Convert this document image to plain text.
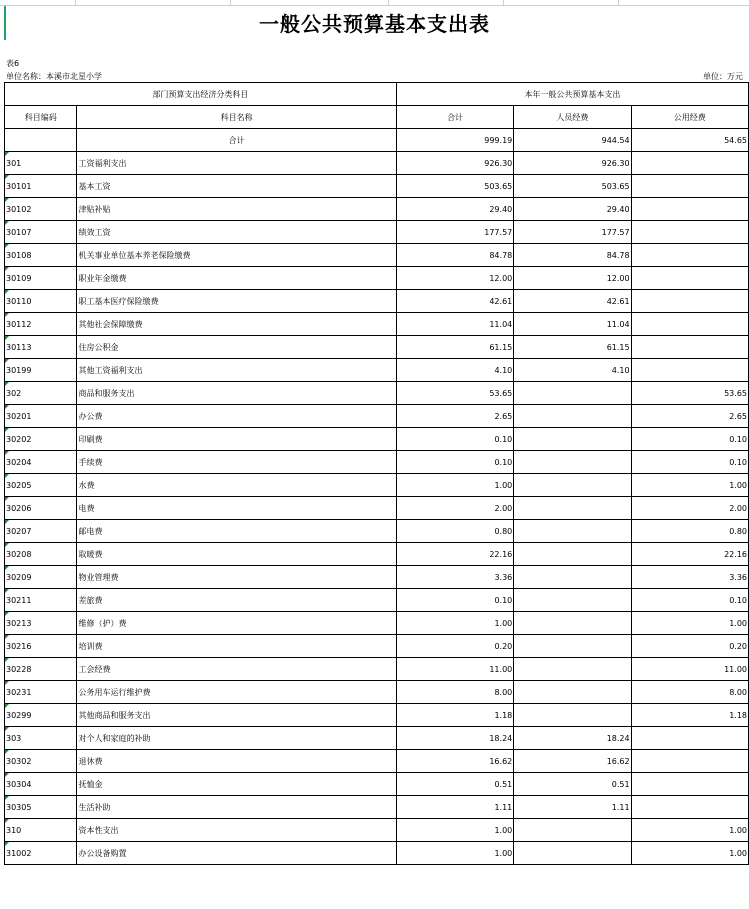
一般公共预算基本支出表
表6
单位名称：本溪市北星小学	单位：万元
部门预算支出经济分类科目		本年一般公共预算基本支出		
科目编码	科目名称	合计	人员经费	公用经费
	合计	999.19	944.54	54.65
301	工资福利支出	926.30	926.30	
30101	基本工资	503.65	503.65	
30102	津贴补贴	29.40	29.40	
30107	绩效工资	177.57	177.57	
30108	机关事业单位基本养老保险缴费	84.78	84.78	
30109	职业年金缴费	12.00	12.00	
30110	职工基本医疗保险缴费	42.61	42.61	
30112	其他社会保障缴费	11.04	11.04	
30113	住房公积金	61.15	61.15	
30199	其他工资福利支出	4.10	4.10	
302	商品和服务支出	53.65		53.65
30201	办公费	2.65		2.65
30202	印刷费	0.10		0.10
30204	手续费	0.10		0.10
30205	水费	1.00		1.00
30206	电费	2.00		2.00
30207	邮电费	0.80		0.80
30208	取暖费	22.16		22.16
30209	物业管理费	3.36		3.36
30211	差旅费	0.10		0.10
30213	维修（护）费	1.00		1.00
30216	培训费	0.20		0.20
30228	工会经费	11.00		11.00
30231	公务用车运行维护费	8.00		8.00
30299	其他商品和服务支出	1.18		1.18
303	对个人和家庭的补助	18.24	18.24	
30302	退休费	16.62	16.62	
30304	抚恤金	0.51	0.51	
30305	生活补助	1.11	1.11	
310	资本性支出	1.00		1.00
31002	办公设备购置	1.00		1.00
